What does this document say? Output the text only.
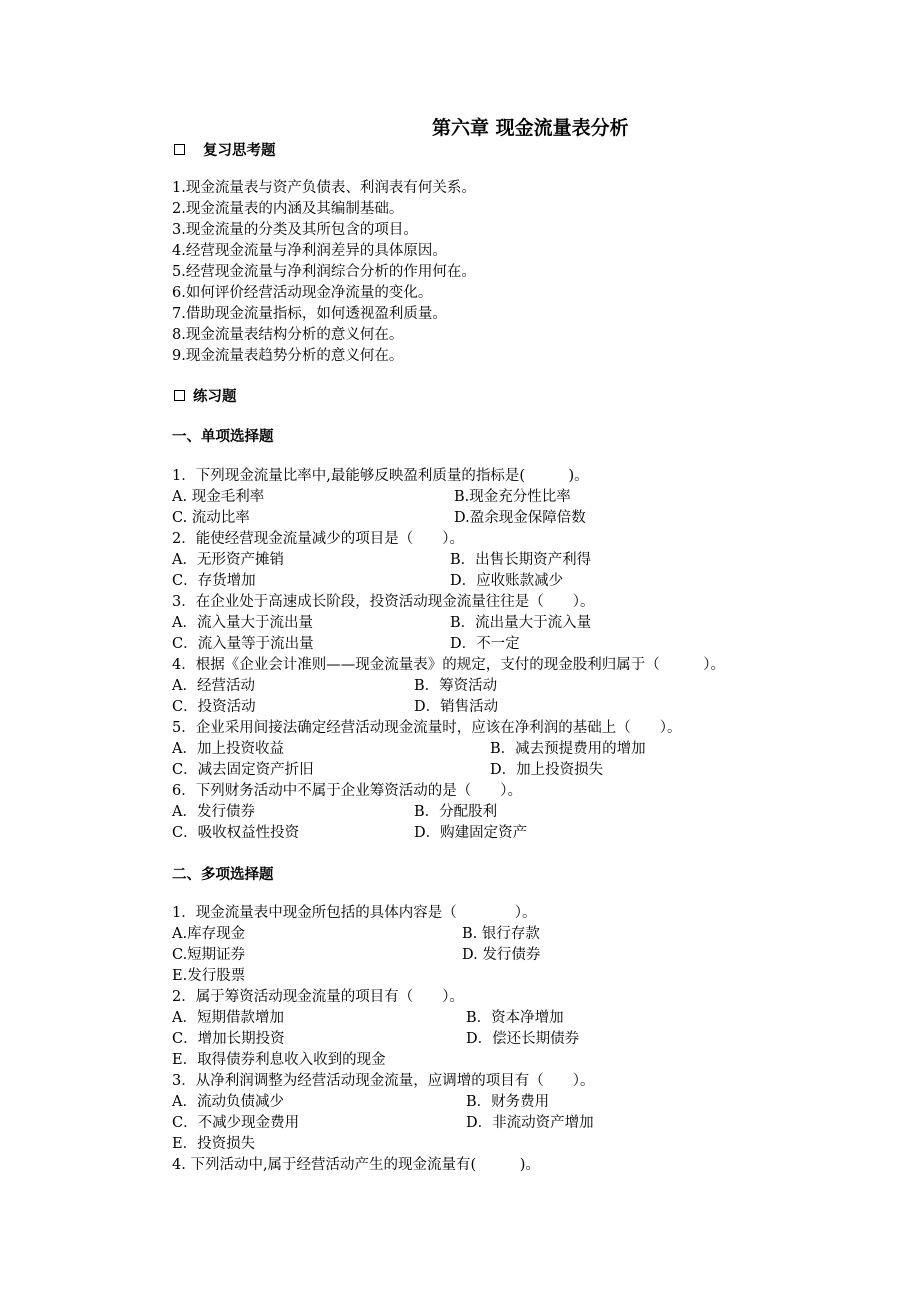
第六章 现金流量表分析
复习思考题
1.现金流量表与资产负债表、利润表有何关系。
2.现金流量表的内涵及其编制基础。
3.现金流量的分类及其所包含的项目。
4.经营现金流量与净利润差异的具体原因。
5.经营现金流量与净利润综合分析的作用何在。
6.如何评价经营活动现金净流量的变化。
7.借助现金流量指标，如何透视盈利质量。
8.现金流量表结构分析的意义何在。
9.现金流量表趋势分析的意义何在。
练习题
一、单项选择题
1．下列现金流量比率中,最能够反映盈利质量的指标是(　　　)。
A. 现金毛利率	B.现金充分性比率
C. 流动比率	D.盈余现金保障倍数
2．能使经营现金流量减少的项目是（　　）。
A．无形资产摊销	B．出售长期资产利得
C．存货增加	D．应收账款减少
3．在企业处于高速成长阶段，投资活动现金流量往往是（　　）。
A．流入量大于流出量	B．流出量大于流入量
C．流入量等于流出量	D．不一定
4．根据《企业会计准则——现金流量表》的规定，支付的现金股利归属于（　　　）。
A．经营活动	B．筹资活动
C．投资活动	D．销售活动
5．企业采用间接法确定经营活动现金流量时，应该在净利润的基础上（　　）。
A．加上投资收益	B．减去预提费用的增加
C．减去固定资产折旧	D．加上投资损失
6．下列财务活动中不属于企业筹资活动的是（　　）。
A．发行债券	B．分配股利
C．吸收权益性投资	D．购建固定资产
二、多项选择题
1．现金流量表中现金所包括的具体内容是（　　　　）。
A.库存现金	B. 银行存款
C.短期证券	D. 发行债券
E.发行股票
2．属于筹资活动现金流量的项目有（　　）。
A．短期借款增加	B．资本净增加
C．增加长期投资	D．偿还长期债券
E．取得债券利息收入收到的现金
3．从净利润调整为经营活动现金流量，应调增的项目有（　　）。
A．流动负债减少	B．财务费用
C．不减少现金费用	D．非流动资产增加
E．投资损失
4. 下列活动中,属于经营活动产生的现金流量有(　　　)。
